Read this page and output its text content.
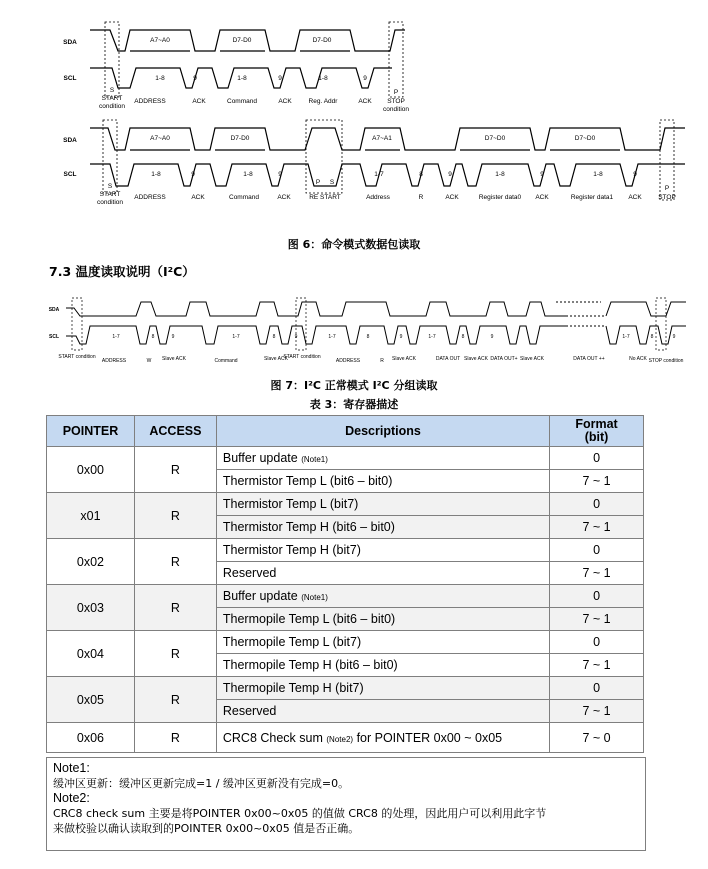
SDA
SCL
A7~A0	D7-D0	D7-D0
1-8	9	1-8	9	1-8	9
S	P
START
condition
ADDRESS	ACK	Command	ACK	Reg. Addr	ACK STOP
condition
SDA
SCL
A7~A0	D7-D0	A7~A1	D7~D0	D7~D0
1-8	9	1-8	9	1-7	8	9	1-8	9	1-8	9
S
P S
P
START
condition
ADDRESS	ACK	Command	ACK	RE START	Address	R	ACK	Register data0 ACK	Register data1 ACK	STOP
图 6：命令模式数据包读取
7.3 温度读取说明（I²C）
SDA
SCL	1-7	8	9	1-7	8	9	1-7	8	9	1-7	8	9	1-7	8	9
START condition
ADDRESS	W Slave ACK	Command	Slave ACK
START condition
ADDRESS	R Slave ACK	DATA OUT Slave ACK DATA OUT+ Slave ACK	DATA OUT ++	No ACK STOP condition
图 7：I²C 正常模式 I²C 分组读取
表 3：寄存器描述
POINTER	ACCESS	Descriptions	Format
(bit)
0x00	R	Buffer update (Note1)	0
		Thermistor Temp L (bit6 – bit0)	7 ~ 1
x01	R	Thermistor Temp L (bit7)	0
		Thermistor Temp H (bit6 – bit0)	7 ~ 1
0x02	R	Thermistor Temp H (bit7)	0
		Reserved	7 ~ 1
0x03	R	Buffer update (Note1)	0
		Thermopile Temp L (bit6 – bit0)	7 ~ 1
0x04	R	Thermopile Temp L (bit7)	0
		Thermopile Temp H (bit6 – bit0)	7 ~ 1
0x05	R	Thermopile Temp H (bit7)	0
		Reserved	7 ~ 1
0x06	R	CRC8 Check sum (Note2) for POINTER 0x00 ~ 0x05	7 ~ 0
Note1:
缓冲区更新：缓冲区更新完成=1 / 缓冲区更新没有完成=0。
Note2:
CRC8 check sum 主要是将POINTER 0x00~0x05 的值做 CRC8 的处理，因此用户可以利用此字节
来做校验以确认读取到的POINTER 0x00~0x05 值是否正确。
